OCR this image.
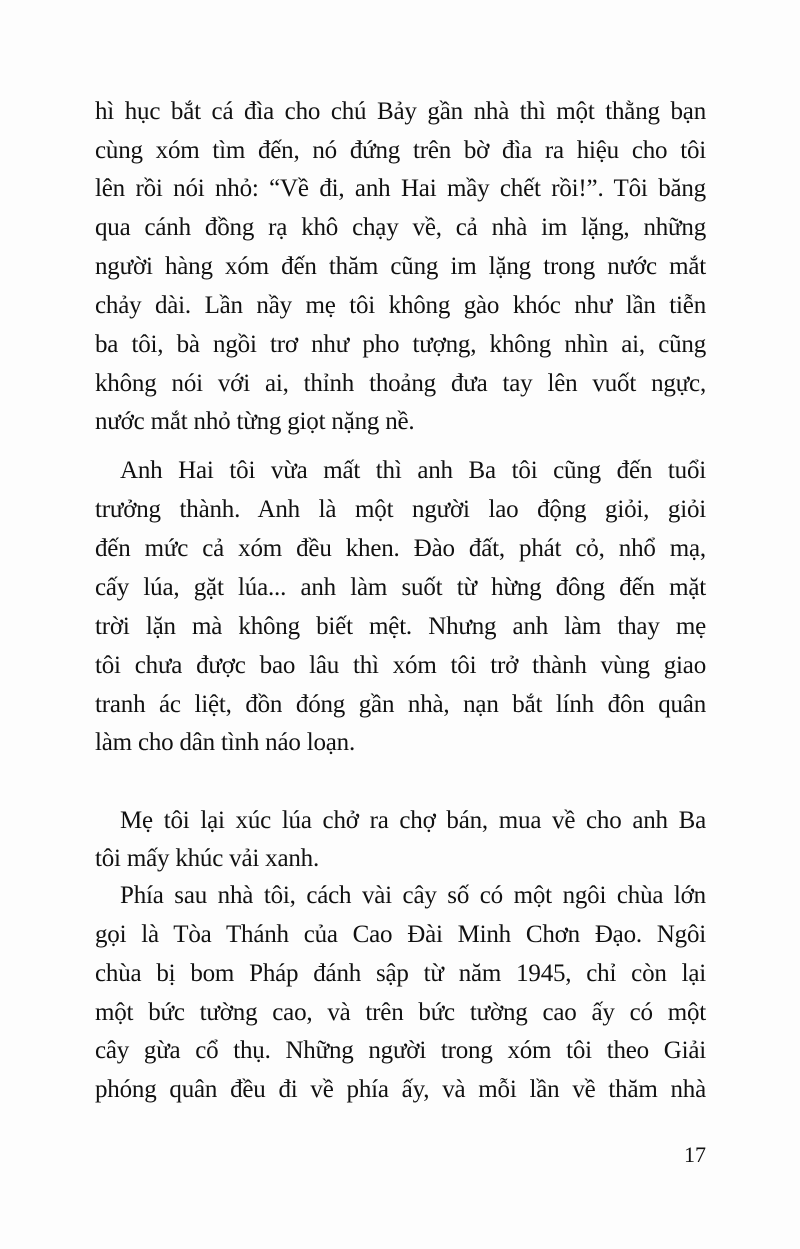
hì hục bắt cá đìa cho chú Bảy gần nhà thì một thằng bạn
cùng xóm tìm đến, nó đứng trên bờ đìa ra hiệu cho tôi
lên rồi nói nhỏ: “Về đi, anh Hai mầy chết rồi!”. Tôi băng
qua cánh đồng rạ khô chạy về, cả nhà im lặng, những
người hàng xóm đến thăm cũng im lặng trong nước mắt
chảy dài. Lần nầy mẹ tôi không gào khóc như lần tiễn
ba tôi, bà ngồi trơ như pho tượng, không nhìn ai, cũng
không nói với ai, thỉnh thoảng đưa tay lên vuốt ngực,
nước mắt nhỏ từng giọt nặng nề.
Anh Hai tôi vừa mất thì anh Ba tôi cũng đến tuổi
trưởng thành. Anh là một người lao động giỏi, giỏi
đến mức cả xóm đều khen. Đào đất, phát cỏ, nhổ mạ,
cấy lúa, gặt lúa... anh làm suốt từ hừng đông đến mặt
trời lặn mà không biết mệt. Nhưng anh làm thay mẹ
tôi chưa được bao lâu thì xóm tôi trở thành vùng giao
tranh ác liệt, đồn đóng gần nhà, nạn bắt lính đôn quân
làm cho dân tình náo loạn.
Mẹ tôi lại xúc lúa chở ra chợ bán, mua về cho anh Ba
tôi mấy khúc vải xanh.
Phía sau nhà tôi, cách vài cây số có một ngôi chùa lớn
gọi là Tòa Thánh của Cao Đài Minh Chơn Đạo. Ngôi
chùa bị bom Pháp đánh sập từ năm 1945, chỉ còn lại
một bức tường cao, và trên bức tường cao ấy có một
cây gừa cổ thụ. Những người trong xóm tôi theo Giải
phóng quân đều đi về phía ấy, và mỗi lần về thăm nhà
17
